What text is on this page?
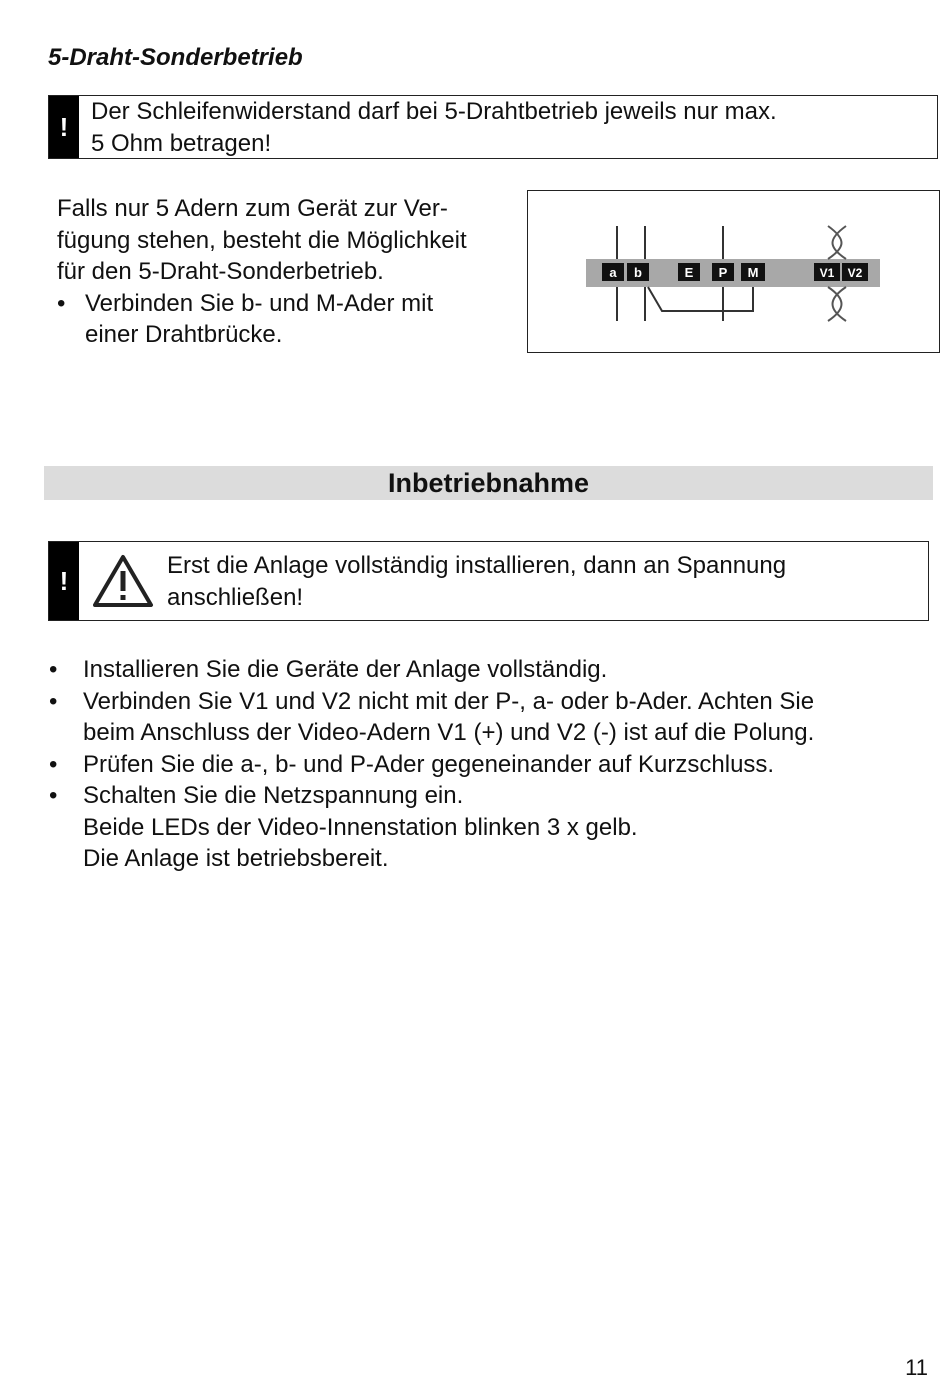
5-Draht-Sonderbetrieb
! Der Schleifenwiderstand darf bei 5-Drahtbetrieb jeweils nur max.
5 Ohm betragen!
Falls nur 5 Adern zum Gerät zur Ver-
fügung stehen, besteht die Möglichkeit
für den 5-Draht-Sonderbetrieb.
• Verbinden Sie b- und M-Ader mit
einer Drahtbrücke.
a b	E P M	V1 V2
Inbetriebnahme
!	Erst die Anlage vollständig installieren, dann an Spannung
anschließen!
• Installieren Sie die Geräte der Anlage vollständig.
• Verbinden Sie V1 und V2 nicht mit der P-, a- oder b-Ader. Achten Sie
beim Anschluss der Video-Adern V1 (+) und V2 (-) ist auf die Polung.
• Prüfen Sie die a-, b- und P-Ader gegeneinander auf Kurzschluss.
• Schalten Sie die Netzspannung ein.
Beide LEDs der Video-Innenstation blinken 3 x gelb.
Die Anlage ist betriebsbereit.
11
